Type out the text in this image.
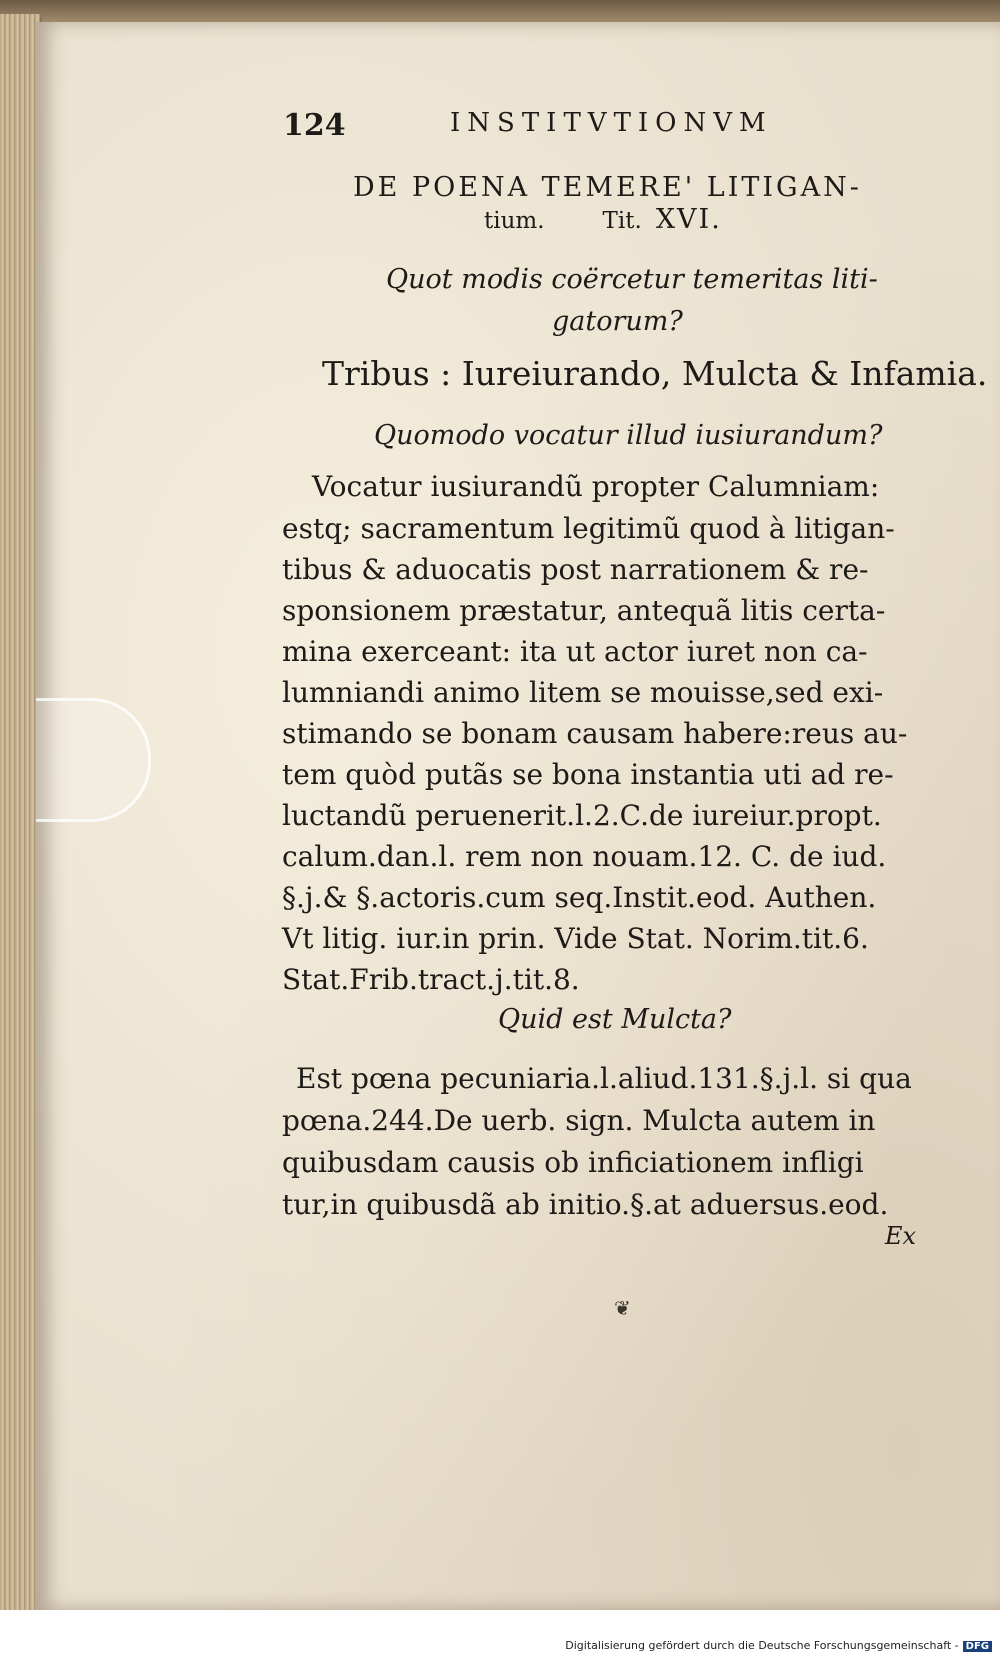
124	INSTITVTIONVM
DE POENA TEMERE' LITIGAN-
tium.	Tit. XVI.
Quot modis coërcetur temeritas liti-
gatorum?
Tribus : Iureiurando, Mulcta & Infamia.
Quomodo vocatur illud iusiurandum?
Vocatur iusiurandũ propter Calumniam:
estq; sacramentum legitimũ quod à litigan-
tibus & aduocatis post narrationem & re-
sponsionem præstatur, antequã litis certa-
mina exerceant: ita ut actor iuret non ca-
lumniandi animo litem se mouisse,sed exi-
stimando se bonam causam habere:reus au-
tem quòd putãs se bona instantia uti ad re-
luctandũ peruenerit.l.2.C.de iureiur.propt.
calum.dan.l. rem non nouam.12. C. de iud.
§.j.& §.actoris.cum seq.Instit.eod. Authen.
Vt litig. iur.in prin. Vide Stat. Norim.tit.6.
Stat.Frib.tract.j.tit.8.
Quid est Mulcta?
Est pœna pecuniaria.l.aliud.131.§.j.l. si qua
pœna.244.De uerb. sign. Mulcta autem in
quibusdam causis ob inficiationem infligi
tur,in quibusdã ab initio.§.at aduersus.eod.
Ex
❦
Digitalisierung gefördert durch die Deutsche Forschungsgemeinschaft - DFG
